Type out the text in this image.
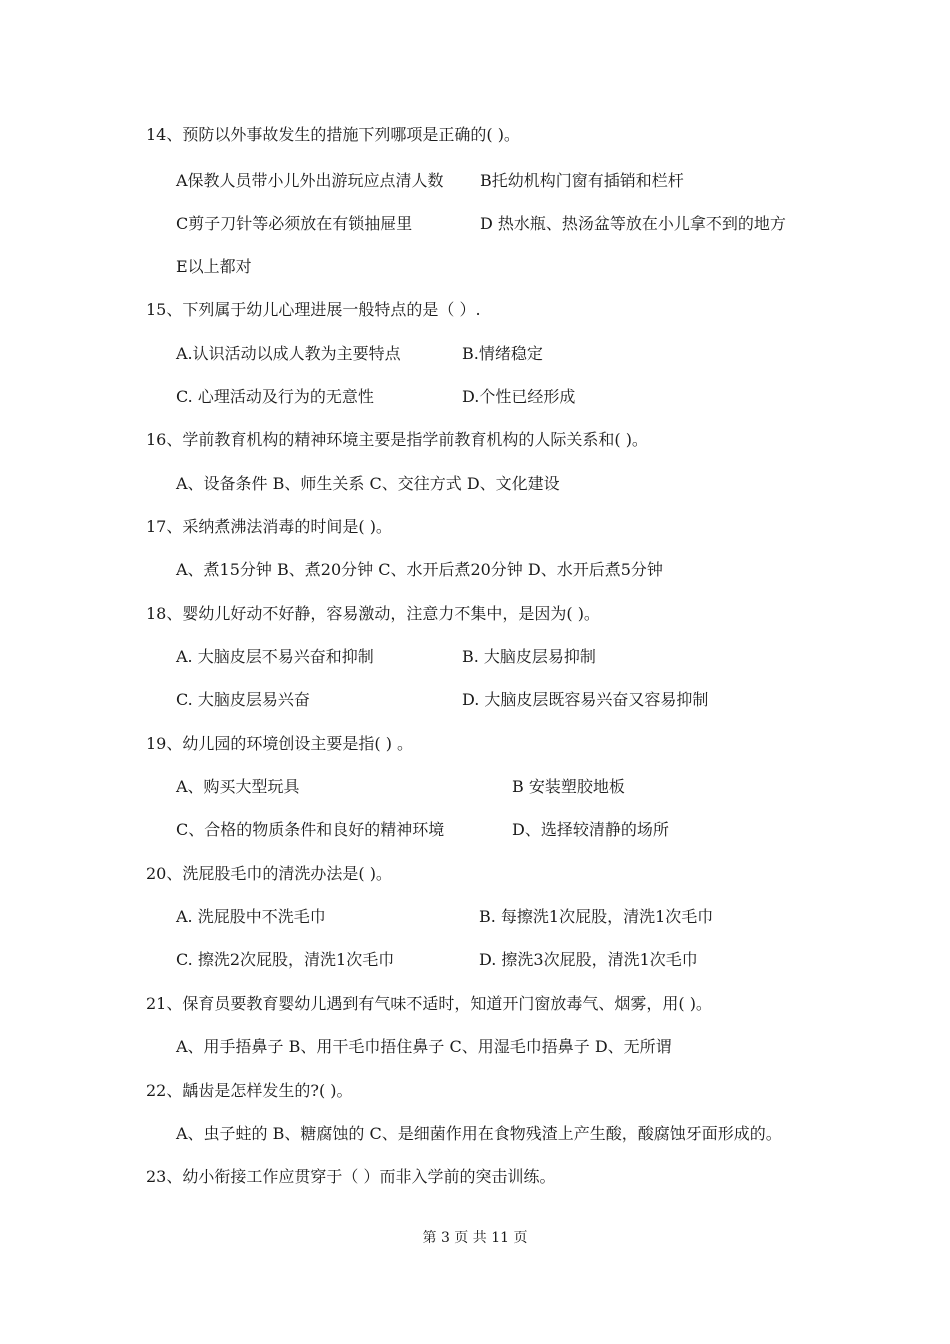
14、预防以外事故发生的措施下列哪项是正确的( )。
A保教人员带小儿外出游玩应点清人数 B托幼机构门窗有插销和栏杆
C剪子刀针等必须放在有锁抽屉里	D 热水瓶、热汤盆等放在小儿拿不到的地方
E以上都对
15、下列属于幼儿心理进展一般特点的是（ ）.
A.认识活动以成人教为主要特点	B.情绪稳定
C. 心理活动及行为的无意性	D.个性已经形成
16、学前教育机构的精神环境主要是指学前教育机构的人际关系和( )。
A、设备条件 B、师生关系 C、交往方式 D、文化建设
17、采纳煮沸法消毒的时间是( )。
A、煮15分钟 B、煮20分钟 C、水开后煮20分钟 D、水开后煮5分钟
18、婴幼儿好动不好静，容易激动，注意力不集中，是因为( )。
A. 大脑皮层不易兴奋和抑制	B. 大脑皮层易抑制
C. 大脑皮层易兴奋	D. 大脑皮层既容易兴奋又容易抑制
19、幼儿园的环境创设主要是指( ) 。
A、购买大型玩具	B 安装塑胶地板
C、合格的物质条件和良好的精神环境	D、选择较清静的场所
20、洗屁股毛巾的清洗办法是( )。
A. 洗屁股中不洗毛巾	B. 每擦洗1次屁股，清洗1次毛巾
C. 擦洗2次屁股，清洗1次毛巾	D. 擦洗3次屁股，清洗1次毛巾
21、保育员要教育婴幼儿遇到有气味不适时，知道开门窗放毒气、烟雾，用( )。
A、用手捂鼻子 B、用干毛巾捂住鼻子 C、用湿毛巾捂鼻子 D、无所谓
22、龋齿是怎样发生的?( )。
A、虫子蛀的 B、糖腐蚀的 C、是细菌作用在食物残渣上产生酸，酸腐蚀牙面形成的。
23、幼小衔接工作应贯穿于（ ）而非入学前的突击训练。
第 3 页 共 11 页
